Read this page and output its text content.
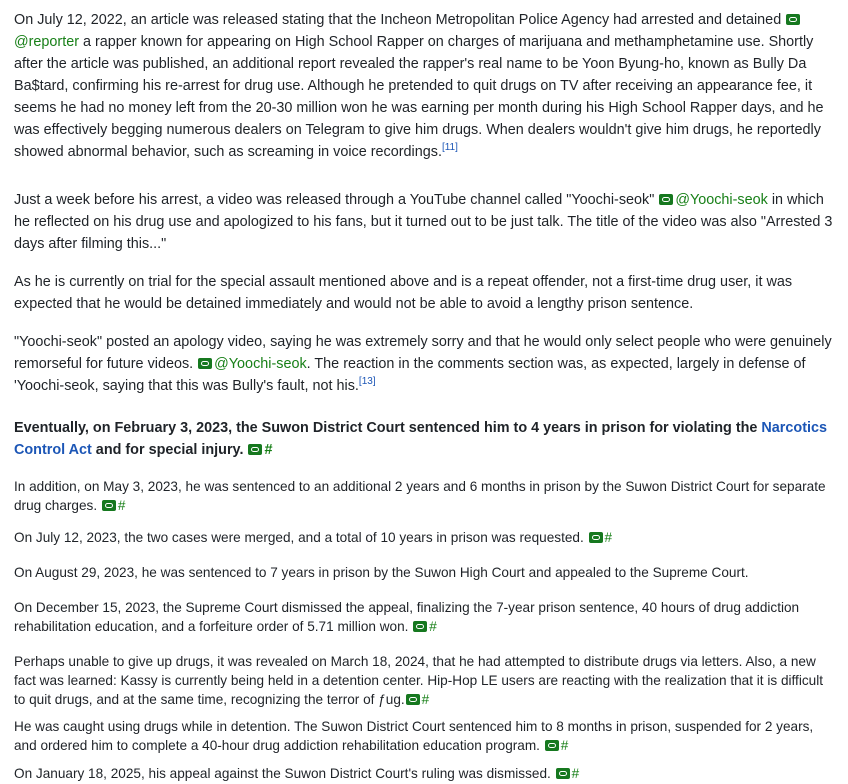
On July 12, 2022, an article was released stating that the Incheon Metropolitan Police Agency had arrested and detained @reporter a rapper known for appearing on High School Rapper on charges of marijuana and methamphetamine use. Shortly after the article was published, an additional report revealed the rapper's real name to be Yoon Byung-ho, known as Bully Da Ba$tard, confirming his re-arrest for drug use. Although he pretended to quit drugs on TV after receiving an appearance fee, it seems he had no money left from the 20-30 million won he was earning per month during his High School Rapper days, and he was effectively begging numerous dealers on Telegram to give him drugs. When dealers wouldn't give him drugs, he reportedly showed abnormal behavior, such as screaming in voice recordings.[11]

Just a week before his arrest, a video was released through a YouTube channel called "Yoochi-seok" @Yoochi-seok in which he reflected on his drug use and apologized to his fans, but it turned out to be just talk. The title of the video was also "Arrested 3 days after filming this..."

As he is currently on trial for the special assault mentioned above and is a repeat offender, not a first-time drug user, it was expected that he would be detained immediately and would not be able to avoid a lengthy prison sentence.

"Yoochi-seok" posted an apology video, saying he was extremely sorry and that he would only select people who were genuinely remorseful for future videos. @Yoochi-seok. The reaction in the comments section was, as expected, largely in defense of 'Yoochi-seok, saying that this was Bully's fault, not his.[13]

Eventually, on February 3, 2023, the Suwon District Court sentenced him to 4 years in prison for violating the Narcotics Control Act and for special injury. #

In addition, on May 3, 2023, he was sentenced to an additional 2 years and 6 months in prison by the Suwon District Court for separate drug charges. #

On July 12, 2023, the two cases were merged, and a total of 10 years in prison was requested. #

On August 29, 2023, he was sentenced to 7 years in prison by the Suwon High Court and appealed to the Supreme Court.

On December 15, 2023, the Supreme Court dismissed the appeal, finalizing the 7-year prison sentence, 40 hours of drug addiction rehabilitation education, and a forfeiture order of 5.71 million won. #

Perhaps unable to give up drugs, it was revealed on March 18, 2024, that he had attempted to distribute drugs via letters. Also, a new fact was learned: Kassy is currently being held in a detention center. Hip-Hop LE users are reacting with the realization that it is difficult to quit drugs, and at the same time, recognizing the terror of ƒug. #

He was caught using drugs while in detention. The Suwon District Court sentenced him to 8 months in prison, suspended for 2 years, and ordered him to complete a 40-hour drug addiction rehabilitation education program. #

On January 18, 2025, his appeal against the Suwon District Court's ruling was dismissed. #
